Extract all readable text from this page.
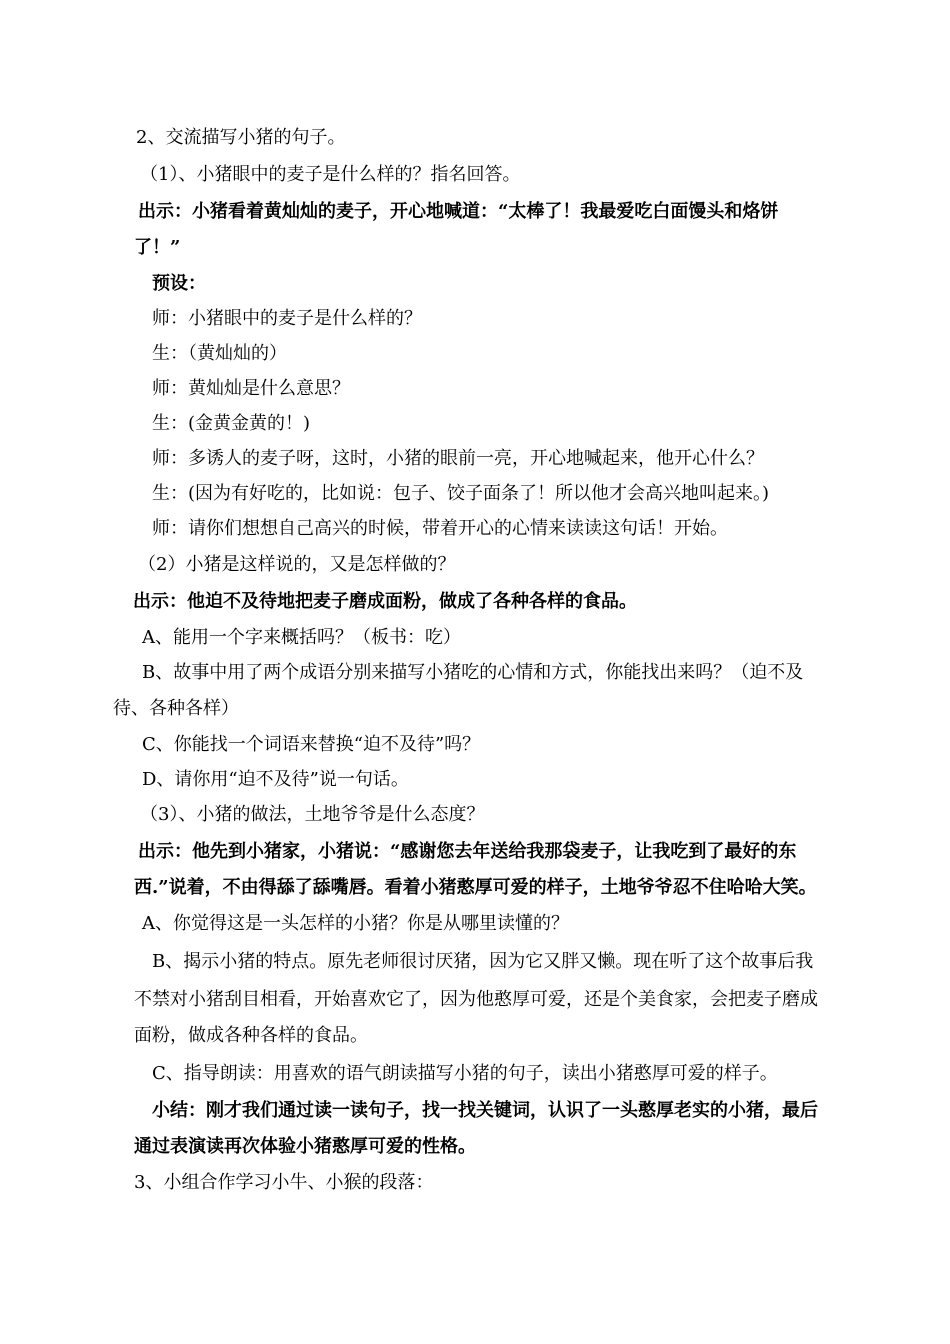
2、交流描写小猪的句子。
（1）、小猪眼中的麦子是什么样的？指名回答。
出示：小猪看着黄灿灿的麦子，开心地喊道：“太棒了！我最爱吃白面馒头和烙饼
了！”
预设：
师：小猪眼中的麦子是什么样的？
生：（黄灿灿的）
师：黄灿灿是什么意思？
生：(金黄金黄的！)
师：多诱人的麦子呀，这时，小猪的眼前一亮，开心地喊起来，他开心什么？
生：(因为有好吃的，比如说：包子、饺子面条了！所以他才会高兴地叫起来。)
师：请你们想想自己高兴的时候，带着开心的心情来读读这句话！开始。
（2）小猪是这样说的，又是怎样做的？
出示：他迫不及待地把麦子磨成面粉，做成了各种各样的食品。
A、能用一个字来概括吗？（板书：吃）
B、故事中用了两个成语分别来描写小猪吃的心情和方式，你能找出来吗？（迫不及
待、各种各样）
C、你能找一个词语来替换“迫不及待”吗？
D、请你用“迫不及待”说一句话。
（3）、小猪的做法，土地爷爷是什么态度？
出示：他先到小猪家，小猪说：“感谢您去年送给我那袋麦子，让我吃到了最好的东
西.”说着，不由得舔了舔嘴唇。看着小猪憨厚可爱的样子，土地爷爷忍不住哈哈大笑。
A、你觉得这是一头怎样的小猪？你是从哪里读懂的？
B、揭示小猪的特点。原先老师很讨厌猪，因为它又胖又懒。现在听了这个故事后我
不禁对小猪刮目相看，开始喜欢它了，因为他憨厚可爱，还是个美食家，会把麦子磨成
面粉，做成各种各样的食品。
C、指导朗读：用喜欢的语气朗读描写小猪的句子，读出小猪憨厚可爱的样子。
小结：刚才我们通过读一读句子，找一找关键词，认识了一头憨厚老实的小猪，最后
通过表演读再次体验小猪憨厚可爱的性格。
3、小组合作学习小牛、小猴的段落：
